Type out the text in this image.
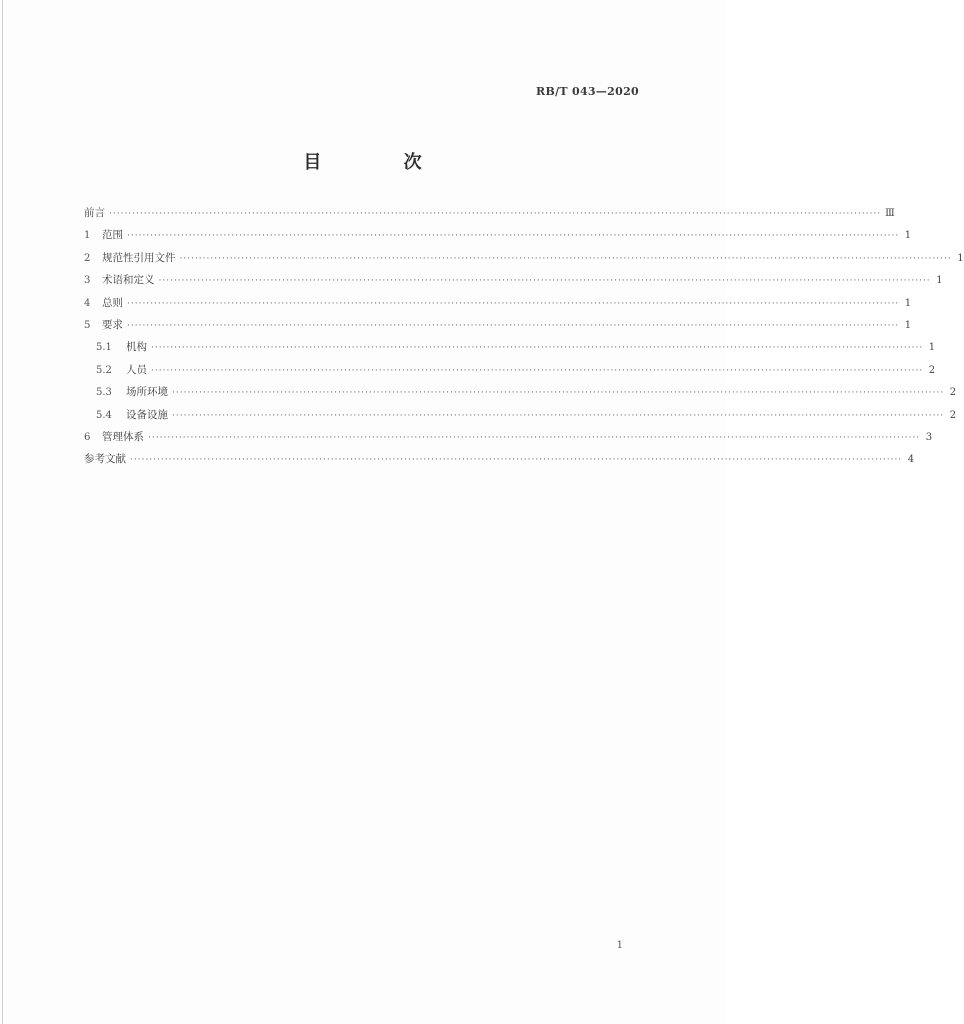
RB/T 043—2020
目 次
前言 ········································································································································································································ Ⅲ
1	范围 ········································································································································································································ 1
2	规范性引用文件 ········································································································································································································ 1
3	术语和定义 ········································································································································································································ 1
4	总则 ········································································································································································································ 1
5	要求 ········································································································································································································ 1
5.1	机构 ········································································································································································································ 1
5.2	人员 ········································································································································································································ 2
5.3	场所环境 ········································································································································································································ 2
5.4	设备设施 ········································································································································································································ 2
6	管理体系 ········································································································································································································ 3
参考文献 ········································································································································································································ 4
1
